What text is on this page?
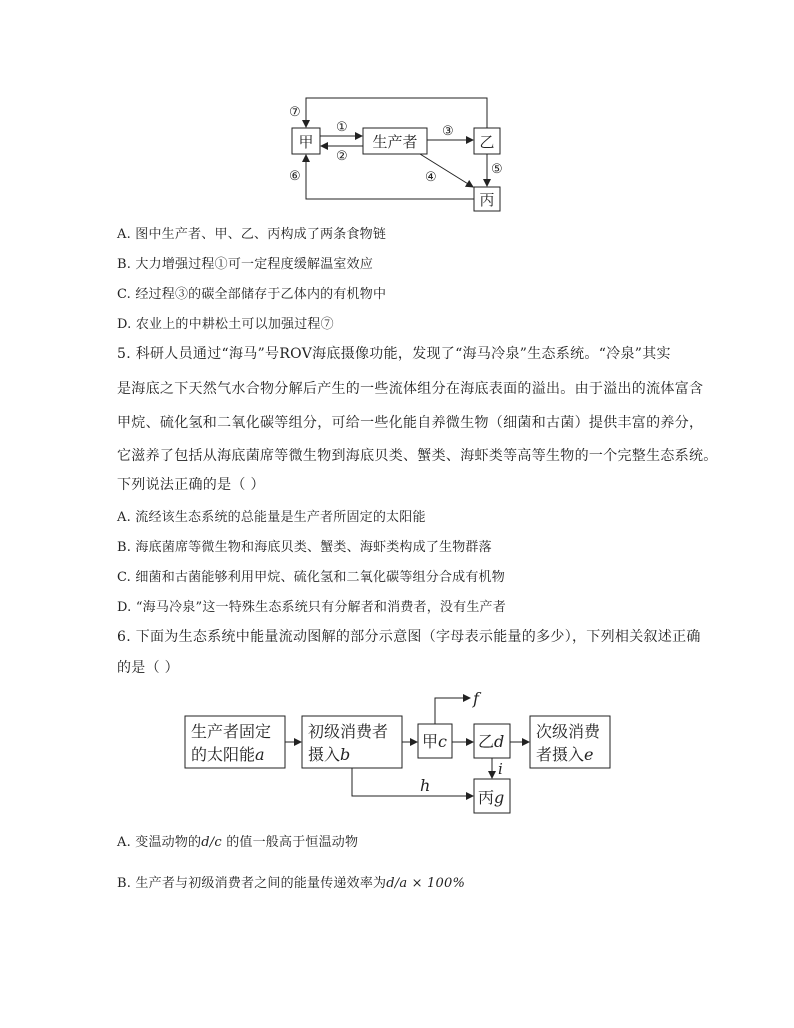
甲	生产者	乙
丙
①
②
③
④
⑤
⑥
⑦
A. 图中生产者、甲、乙、丙构成了两条食物链
B. 大力增强过程①可一定程度缓解温室效应
C. 经过程③的碳全部储存于乙体内的有机物中
D. 农业上的中耕松土可以加强过程⑦
5. 科研人员通过“海马”号ROV海底摄像功能，发现了“海马冷泉”生态系统。“冷泉”其实
是海底之下天然气水合物分解后产生的一些流体组分在海底表面的溢出。由于溢出的流体富含
甲烷、硫化氢和二氧化碳等组分，可给一些化能自养微生物（细菌和古菌）提供丰富的养分，
它滋养了包括从海底菌席等微生物到海底贝类、蟹类、海虾类等高等生物的一个完整生态系统。
下列说法正确的是（ ）
A. 流经该生态系统的总能量是生产者所固定的太阳能
B. 海底菌席等微生物和海底贝类、蟹类、海虾类构成了生物群落
C. 细菌和古菌能够利用甲烷、硫化氢和二氧化碳等组分合成有机物
D. “海马冷泉”这一特殊生态系统只有分解者和消费者，没有生产者
6. 下面为生态系统中能量流动图解的部分示意图（字母表示能量的多少），下列相关叙述正确
的是（ ）
生产者固定
的太阳能a
初级消费者
摄入b
甲c 乙d
次级消费
者摄入e
丙g
f
h
i
A. 变温动物的d/c 的值一般高于恒温动物
B. 生产者与初级消费者之间的能量传递效率为d/a × 100%
